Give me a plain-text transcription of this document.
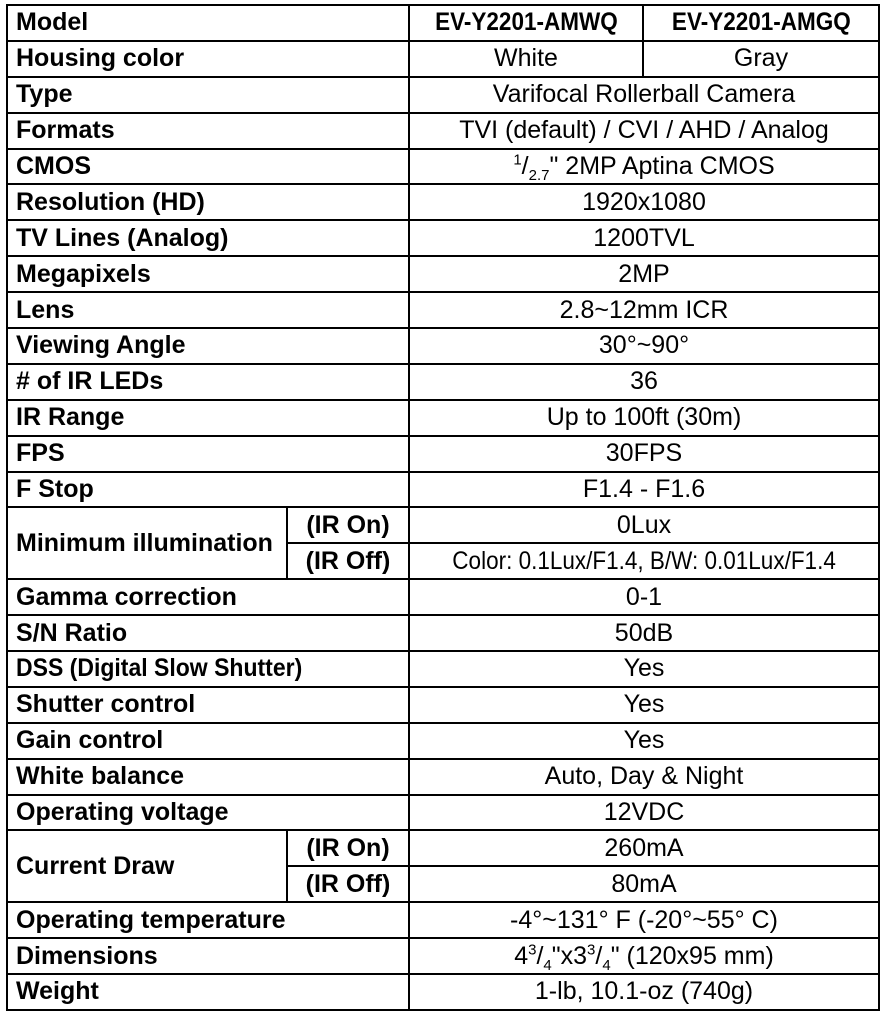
Model		EV-Y2201-AMWQ	EV-Y2201-AMGQ
Housing color		White	Gray
Type		Varifocal Rollerball Camera	
Formats		TVI (default) / CVI / AHD / Analog	
CMOS		$^1/_{2.7}$" 2MP Aptina CMOS	
Resolution (HD)		1920x1080	
TV Lines (Analog)		1200TVL	
Megapixels		2MP	
Lens		2.8~12mm ICR	
Viewing Angle		30°~90°	
# of IR LEDs		36	
IR Range		Up to 100ft (30m)	
FPS		30FPS	
F Stop		F1.4 - F1.6	
Minimum illumination	(IR On)	0Lux	
	(IR Off)	Color: 0.1Lux/F1.4, B/W: 0.01Lux/F1.4	
Gamma correction		0-1	
S/N Ratio		50dB	
DSS (Digital Slow Shutter)		Yes	
Shutter control		Yes	
Gain control		Yes	
White balance		Auto, Day & Night	
Operating voltage		12VDC	
Current Draw	(IR On)	260mA	
	(IR Off)	80mA	
Operating temperature		-4°~131° F (-20°~55° C)	
Dimensions		$4^3/_4"x3^3/_4$" (120x95 mm)	
Weight		1-lb, 10.1-oz (740g)	
